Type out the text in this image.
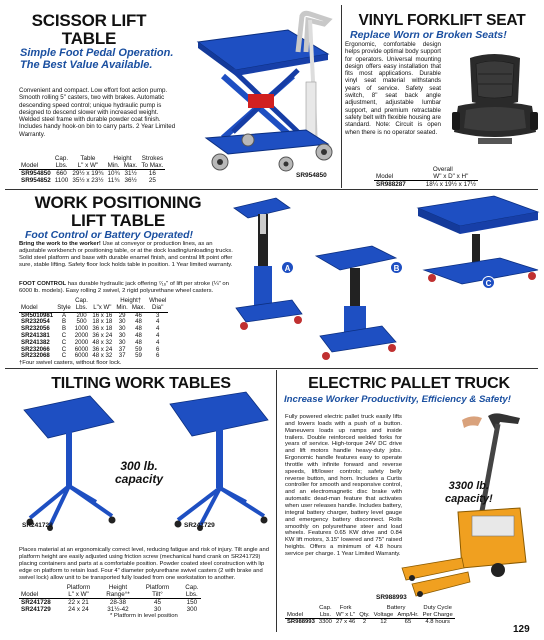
SCISSOR LIFT
TABLE
Simple Foot Pedal Operation.
The Best Value Available.
Convenient and compact. Low effort foot action pump. Smooth rolling 5" casters, two with brakes. Automatic descending speed control; unique hydraulic pump is designed to descend slower with increased weight. Welded steel frame with durable powder coat finish. Includes handy hook-on bin to carry parts. 2 Year Limited Warranty.
SR954850
	Cap.	Table	Height		Strokes
Model	Lbs.	L" x W"	Min.	Max.	To Max.
SR954850	660	29½ x 19¾	10¾	31½	16
SR954852	1100	35½ x 23½	11¾	36½	25
VINYL FORKLIFT SEAT
Replace Worn or Broken Seats!
Ergonomic, comfortable design helps provide optimal body support for operators. Universal mounting design offers easy installation that fits most applications. Durable vinyl seat material withstands years of service. Safety seat switch, 8" seat back angle adjustment, adjustable lumbar support, and premium retractable safety belt with flexible housing are standard. Note: Circuit is open when there is no operator seated.
	Overall
Model	W" x D" x H"
SR988287	18¼ x 19½ x 17½
WORK POSITIONING
LIFT TABLE
Foot Control or Battery Operated!
Bring the work to the worker! Use at conveyor or production lines, as an adjustable workbench or positioning table, or at the dock loading/unloading trucks. Solid steel platform and base with durable enamel finish, and central lift point offer sure, stable lifting. Safety floor lock holds table in position. 1 Year limited warranty.
FOOT CONTROL has durable hydraulic jack offering ⁷⁄₁₆" of lift per stroke (¼" on 6000 lb. models). Easy rolling 2 swivel, 2 rigid polyurethane wheel casters.
A	B
C
		Cap.		Height†		Wheel
Model	Style	Lbs.	L"x W"	Min.	Max.	Dia"
SR5010981	A	200	16 x 16	29	46	3
SR232054	B	500	18 x 18	30	48	4
SR232056	B	1000	36 x 18	30	48	4
SR241381	C	2000	36 x 24	30	48	4
SR241382	C	2000	48 x 32	30	48	4
SR232066	C	6000	36 x 24	37	59	6
SR232068	C	6000	48 x 32	37	59	6
†Four swivel casters, without floor lock.
TILTING WORK TABLES
300 lb.
capacity
SR241728	SR241729
Places material at an ergonomically correct level, reducing fatigue and risk of injury. Tilt angle and platform height are easily adjusted using friction screw (mechanical hand crank on SR241729) placing containers and parts at a comfortable position. Powder coated steel construction with lip edge on platform to retain load. Four 4" diameter polyurethane swivel casters (2 with brake and swivel lock) allow unit to be transported fully loaded from one workstation to another.
	Platform	Height	Platform	Cap.
Model	L" x W"	Range°*	Tilt°	Lbs.
SR241728	22 x 21	28-38	45	150
SR241729	24 x 24	31½-42	30	300
* Platform in level position
ELECTRIC PALLET TRUCK
Increase Worker Productivity, Efficiency & Safety!
Fully powered electric pallet truck easily lifts and lowers loads with a push of a button. Maneuvers loads up ramps and inside trailers. Double reinforced welded forks for years of service. High-torque 24V DC drive and lift motors handle heavy-duty jobs. Ergonomic handle features easy to operate throttle with infinite forward and reverse speeds, lift/lower controls; safety belly reverse button, and horn. Includes a Curtis controller for smooth and responsive control, and an electromagnetic disc brake with automatic dead-man feature that activates when user releases handle. Includes battery, integral battery charger, battery level gauge and emergency battery disconnect. Rolls smoothly on polyurethane steer and load wheels. Features 0.65 KW drive and 0.84 KW lift motors, 3.15" lowered and 75" raised heights. Offers a minimum of 4.8 hours service per charge. 1 Year Limited Warranty.
3300 lb.
capacity!
SR988993
	Cap.	Fork		Battery		Duty Cycle
Model	Lbs.	W" x L"	Qty.	Voltage	Amp/Hr.	Per Charge
SR988993	3300	27 x 46	2	12	65	4.8 hours
129
